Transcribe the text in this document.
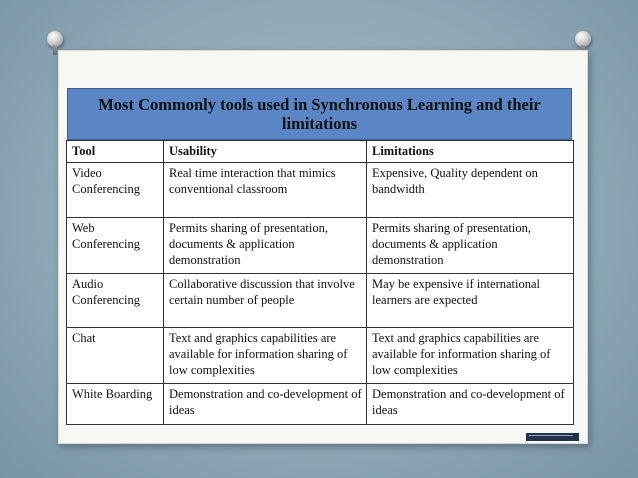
Most Commonly tools used in Synchronous Learning and their limitations
Tool	Usability	Limitations
Video Conferencing	Real time interaction that mimics conventional classroom	Expensive, Quality dependent on bandwidth
Web Conferencing	Permits sharing of presentation, documents & application demonstration	Permits sharing of presentation, documents & application demonstration
Audio Conferencing	Collaborative discussion that involve certain number of people	May be expensive if international learners are expected
Chat	Text and graphics capabilities are available for information sharing of low complexities	Text and graphics capabilities are available for information sharing of low complexities
White Boarding	Demonstration and co-development of ideas	Demonstration and co-development of ideas
